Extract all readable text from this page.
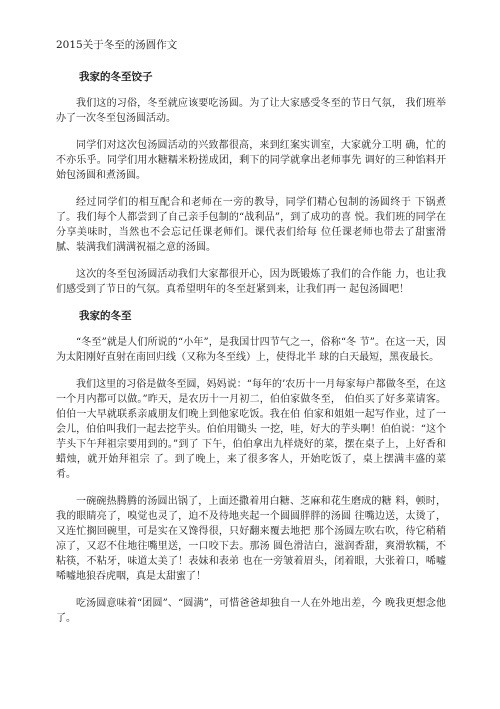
2015关于冬至的汤圆作文
我家的冬至饺子

我们这的习俗，冬至就应该要吃汤圆。为了让大家感受冬至的节日气氛， 我们班举办了一次冬至包汤圆活动。

同学们对这次包汤圆活动的兴致都很高，来到红案实训室，大家就分工明 确，忙的不亦乐乎。同学们用水糖糯米粉搓成团，剩下的同学就拿出老师事先 调好的三种馅料开始包汤圆和煮汤圆。

经过同学们的相互配合和老师在一旁的教导，同学们精心包制的汤圆终于 下锅煮了。我们每个人都尝到了自己亲手包制的“战利品”，到了成功的喜 悦。我们班的同学在分享美味时，当然也不会忘记任课老师们。课代表们给每 位任课老师也带去了甜蜜滑腻、装满我们满满祝福之意的汤圆。

这次的冬至包汤圆活动我们大家都很开心，因为既锻炼了我们的合作能 力，也让我们感受到了节日的气氛。真希望明年的冬至赶紧到来，让我们再一 起包汤圆吧！

我家的冬至

“冬至”就是人们所说的“小年”，是我国廿四节气之一，俗称“冬 节”。在这一天，因为太阳刚好直射在南回归线（又称为冬至线）上，使得北半 球的白天最短，黑夜最长。

我们这里的习俗是做冬至圆，妈妈说：“每年的’农历十一月每家每户都做冬至，在这一个月内都可以做。”昨天，是农历十一月初二，伯伯家做冬至， 伯伯买了好多菜请客。伯伯一大早就联系亲戚朋友们晚上到他家吃饭。我在伯 伯家和姐姐一起写作业，过了一会儿，伯伯叫我们一起去挖芋头。伯伯用锄头 一挖，哇，好大的芋头啊！伯伯说：“这个芋头下午拜祖宗要用到的。”到了 下午，伯伯拿出九样烧好的菜，摆在桌子上，上好香和蜡烛，就开始拜祖宗 了。到了晚上，来了很多客人，开始吃饭了，桌上摆满丰盛的菜肴。

一碗碗热腾腾的汤圆出锅了，上面还撒着用白糖、芝麻和花生磨成的糖 料，顿时，我的眼睛亮了，嗅觉也灵了，迫不及待地夹起一个圆圆胖胖的汤圆 往嘴边送，太烫了，又连忙搁回碗里，可是实在又馋得很，只好翻来覆去地把 那个汤圆左吹右吹，待它稍稍凉了，又忍不住地往嘴里送，一口咬下去。那汤 圆色滑洁白，滋润香甜，爽滑软糯，不粘筷，不粘牙，味道太美了！表妹和表弟 也在一旁皱着眉头，闭着眼，大张着口，唏嘘唏嘘地狼吞虎咽，真是太甜蜜了！

吃汤圆意味着“团圆”、“圆满”，可惜爸爸却独自一人在外地出差，今 晚我更想念他了。
